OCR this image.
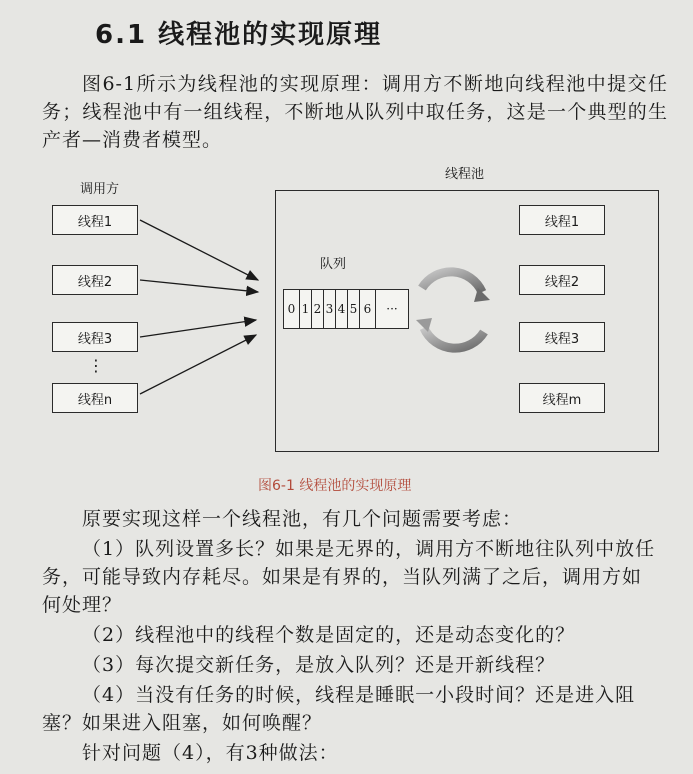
6.1 线程池的实现原理
图6-1所示为线程池的实现原理：调用方不断地向线程池中提交任务；线程池中有一组线程，不断地从队列中取任务，这是一个典型的生产者—消费者模型。
调用方
线程池
线程1
线程2
线程3
⋮
线程n
队列
0 1 2 3 4 5 6	···
线程1
线程2
线程3
线程m
图6-1 线程池的实现原理
原要实现这样一个线程池，有几个问题需要考虑：
（1）队列设置多长？如果是无界的，调用方不断地往队列中放任
务，可能导致内存耗尽。如果是有界的，当队列满了之后，调用方如
何处理？
（2）线程池中的线程个数是固定的，还是动态变化的？
（3）每次提交新任务，是放入队列？还是开新线程？
（4）当没有任务的时候，线程是睡眠一小段时间？还是进入阻
塞？如果进入阻塞，如何唤醒？
针对问题（4），有3种做法：
